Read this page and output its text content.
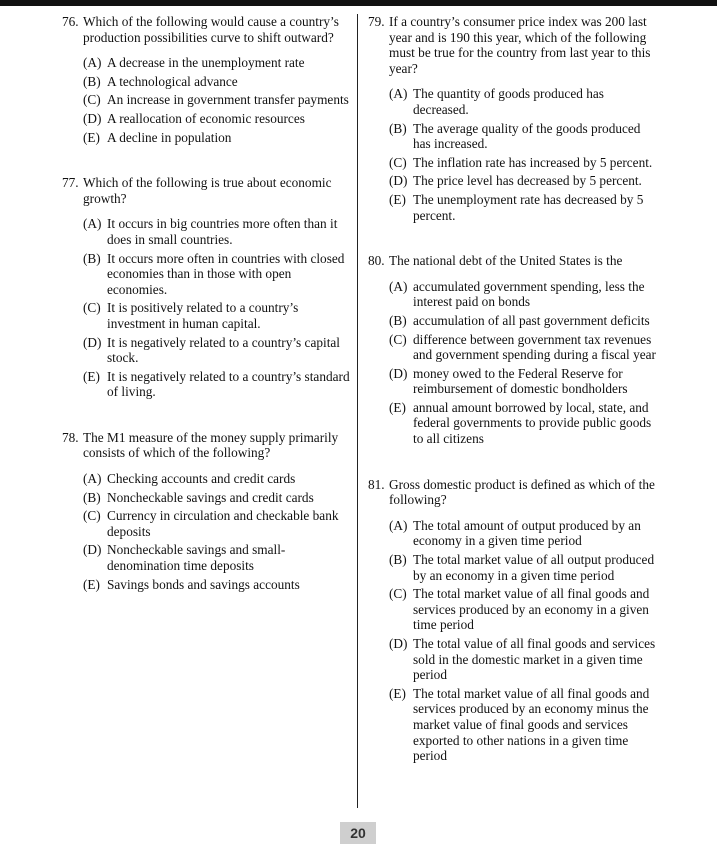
76. Which of the following would cause a country’s production possibilities curve to shift outward?
(A) A decrease in the unemployment rate
(B) A technological advance
(C) An increase in government transfer payments
(D) A reallocation of economic resources
(E) A decline in population
77. Which of the following is true about economic growth?
(A) It occurs in big countries more often than it does in small countries.
(B) It occurs more often in countries with closed economies than in those with open economies.
(C) It is positively related to a country’s investment in human capital.
(D) It is negatively related to a country’s capital stock.
(E) It is negatively related to a country’s standard of living.
78. The M1 measure of the money supply primarily consists of which of the following?
(A) Checking accounts and credit cards
(B) Noncheckable savings and credit cards
(C) Currency in circulation and checkable bank deposits
(D) Noncheckable savings and small-denomination time deposits
(E) Savings bonds and savings accounts
79. If a country’s consumer price index was 200 last year and is 190 this year, which of the following must be true for the country from last year to this year?
(A) The quantity of goods produced has decreased.
(B) The average quality of the goods produced has increased.
(C) The inflation rate has increased by 5 percent.
(D) The price level has decreased by 5 percent.
(E) The unemployment rate has decreased by 5 percent.
80. The national debt of the United States is the
(A) accumulated government spending, less the interest paid on bonds
(B) accumulation of all past government deficits
(C) difference between government tax revenues and government spending during a fiscal year
(D) money owed to the Federal Reserve for reimbursement of domestic bondholders
(E) annual amount borrowed by local, state, and federal governments to provide public goods to all citizens
81. Gross domestic product is defined as which of the following?
(A) The total amount of output produced by an economy in a given time period
(B) The total market value of all output produced by an economy in a given time period
(C) The total market value of all final goods and services produced by an economy in a given time period
(D) The total value of all final goods and services sold in the domestic market in a given time period
(E) The total market value of all final goods and services produced by an economy minus the market value of final goods and services exported to other nations in a given time period
20
